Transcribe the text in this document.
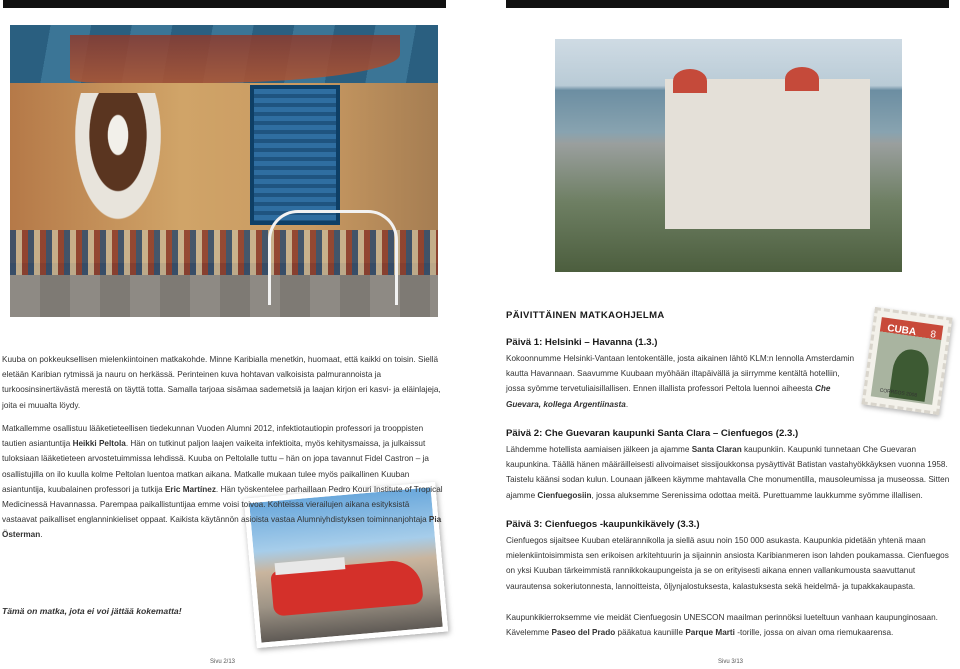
CUBA 8
CORREOS 2008
Kuuba on pokkeuksellisen mielenkiintoinen matkakohde. Minne Karibialla menetkin, huomaat, että kaikki on toisin. Siellä eletään Karibian rytmissä ja nauru on herkässä. Perinteinen kuva hohtavan valkoisista palmurannoista ja turkoosinsinertävästä merestä on täyttä totta. Samalla tarjoaa sisämaa sademetsiä ja laajan kirjon eri kasvi- ja eläinlajeja, joita ei muualta löydy.
Matkallemme osallistuu lääketieteellisen tiedekunnan Vuoden Alumni 2012, infektiotautiopin professori ja trooppisten tautien asiantuntija Heikki Peltola. Hän on tutkinut paljon laajen vaikeita infektioita, myös kehitysmaissa, ja julkaissut tuloksiaan lääketieteen arvostetuimmissa lehdissä. Kuuba on Peltolalle tuttu – hän on jopa tavannut Fidel Castron – ja osallistujilla on ilo kuulla kolme Peltolan luentoa matkan aikana. Matkalle mukaan tulee myös paikallinen Kuuban asiantuntija, kuubalainen professori ja tutkija Eric Martínez. Hän työskentelee parhaillaan Pedro Kouri Institute of Tropical Medicinessä Havannassa. Parempaa paikallistuntijaa emme voisi toivoa. Kohteissa vierailujen aikana esityksistä vastaavat paikalliset englanninkieliset oppaat. Kaikista käytännön asioista vastaa Alumniyhdistyksen toiminnanjohtaja Pia Österman.
Tämä on matka, jota ei voi jättää kokematta!
Sivu 2/13
PÄIVITTÄINEN MATKAOHJELMA
Päivä 1: Helsinki – Havanna (1.3.)
Kokoonnumme Helsinki-Vantaan lentokentälle, josta aikainen lähtö KLM:n lennolla Amsterdamin kautta Havannaan. Saavumme Kuubaan myöhään iltapäivällä ja siirrymme kentältä hotelliin, jossa syömme tervetuliaisillallisen. Ennen illallista professori Peltola luennoi aiheesta Che Guevara, kollega Argentiinasta.
Päivä 2: Che Guevaran kaupunki Santa Clara – Cienfuegos (2.3.)
Lähdemme hotellista aamiaisen jälkeen ja ajamme Santa Claran kaupunkiin. Kaupunki tunnetaan Che Guevaran kaupunkina. Täällä hänen määräilleisesti alivoimaiset sissijoukkonsa pysäyttivät Batistan vastahyökkäyksen vuonna 1958. Taistelu käänsi sodan kulun. Lounaan jälkeen käymme mahtavalla Che monumentilla, mausoleumissa ja museossa. Sitten ajamme Cienfuegosiin, jossa aluksemme Serenissima odottaa meitä. Purettuamme laukkumme syömme illallisen.
Päivä 3: Cienfuegos -kaupunkikävely (3.3.)
Cienfuegos sijaitsee Kuuban etelärannikolla ja siellä asuu noin 150 000 asukasta. Kaupunkia pidetään yhtenä maan mielenkiintoisimmista sen erikoisen arkitehtuurin ja sijainnin ansiosta Karibianmeren ison lahden poukamassa. Cienfuegos on yksi Kuuban tärkeimmistä rannikkokaupungeista ja se on erityisesti aikana ennen vallankumousta saavuttanut vaurautensa sokeriutonnesta, lannoitteista, öljynjalostuksesta, kalastuksesta sekä heidelmä- ja tupakkakaupasta.
Kaupunkikierroksemme vie meidät Cienfuegosin UNESCON maailman perinnöksi lueteltuun vanhaan kaupunginosaan. Kävelemme Paseo del Prado pääkatua kauniille Parque Marti -torille, jossa on aivan oma riemukaarensa.
Sivu 3/13
